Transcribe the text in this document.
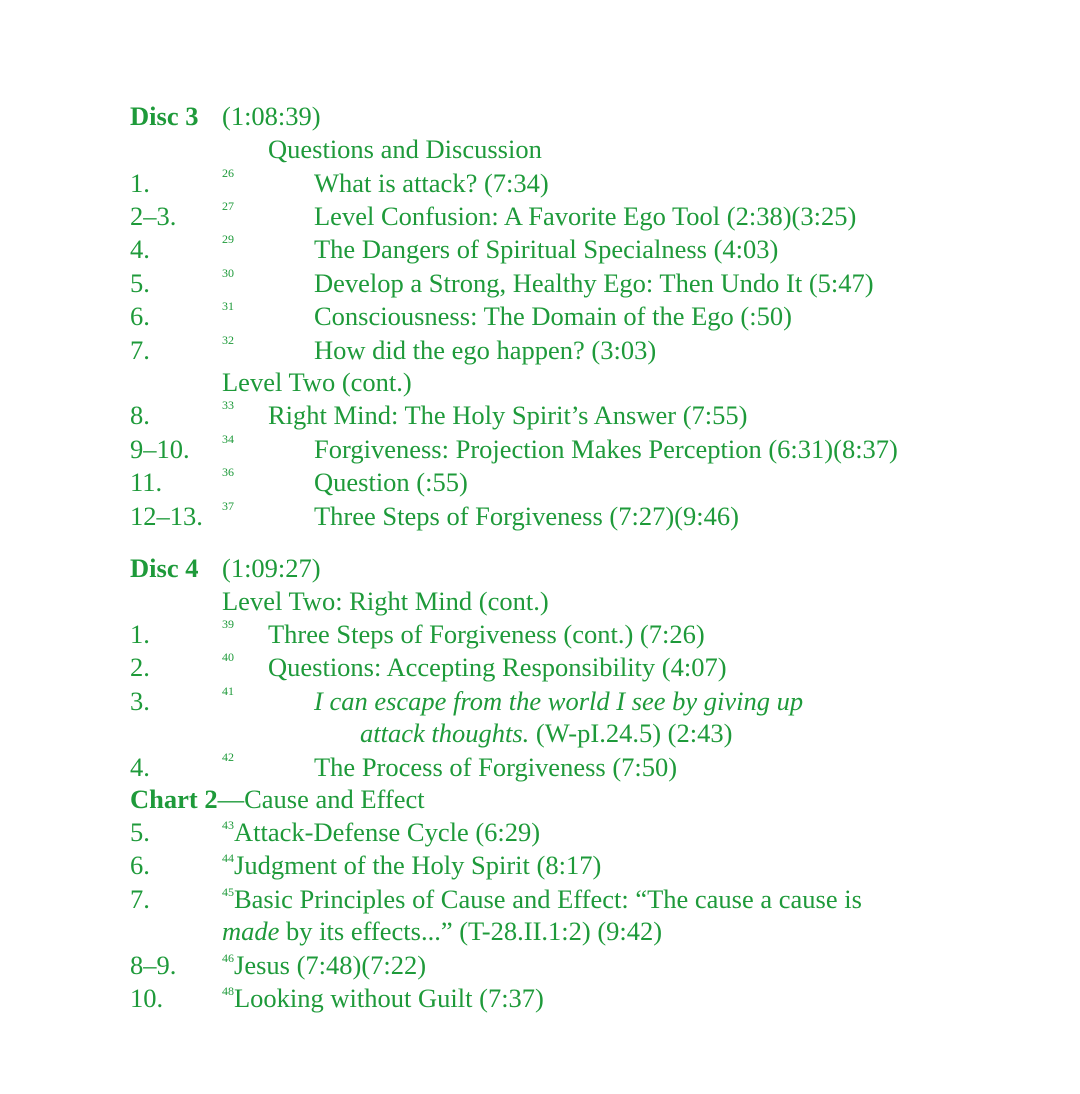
Disc 3 (1:08:39)
Questions and Discussion
1.	26	What is attack? (7:34)
2–3.	27	Level Confusion: A Favorite Ego Tool (2:38)(3:25)
4.	29	The Dangers of Spiritual Specialness (4:03)
5.	30	Develop a Strong, Healthy Ego: Then Undo It (5:47)
6.	31	Consciousness: The Domain of the Ego (:50)
7.	32	How did the ego happen? (3:03)
Level Two (cont.)
8.	33 Right Mind: The Holy Spirit’s Answer (7:55)
9–10.	34	Forgiveness: Projection Makes Perception (6:31)(8:37)
11.	36	Question (:55)
12–13. 37	Three Steps of Forgiveness (7:27)(9:46)
Disc 4 (1:09:27)
Level Two: Right Mind (cont.)
1.	39 Three Steps of Forgiveness (cont.) (7:26)
2.	40 Questions: Accepting Responsibility (4:07)
3.	41	I can escape from the world I see by giving up
attack thoughts. (W-pI.24.5) (2:43)
4.	42	The Process of Forgiveness (7:50)
Chart 2—Cause and Effect
5.	$^{43}$Attack-Defense Cycle (6:29)
6.	$^{44}$Judgment of the Holy Spirit (8:17)
7.	$^{45}$Basic Principles of Cause and Effect: “The cause a cause is
made by its effects...” (T-28.II.1:2) (9:42)
8–9.	$^{46}$Jesus (7:48)(7:22)
10.	$^{48}$Looking without Guilt (7:37)
